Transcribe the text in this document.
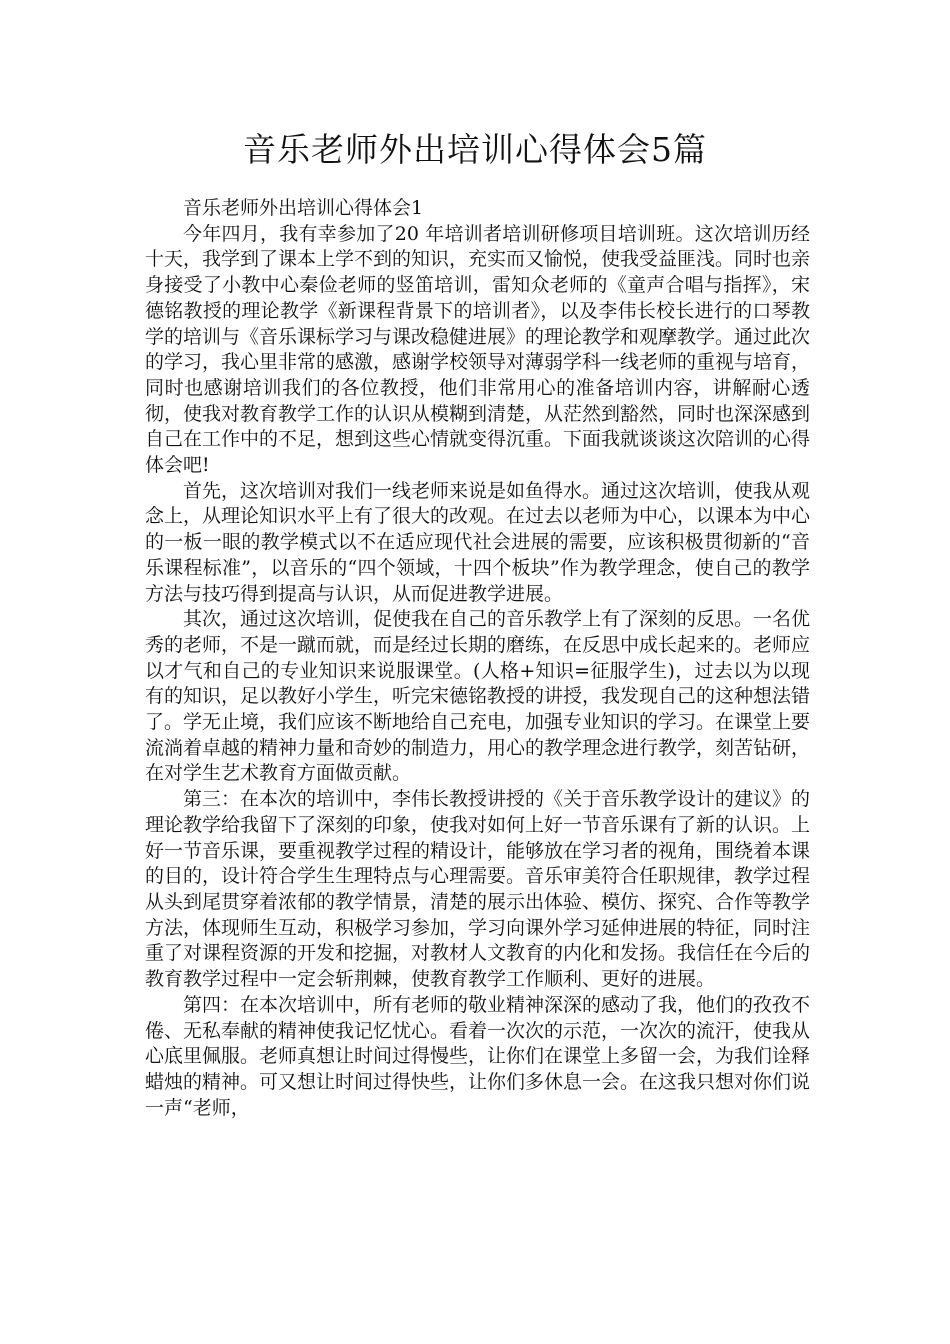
音乐老师外出培训心得体会5篇

音乐老师外出培训心得体会1

今年四月，我有幸参加了20 年培训者培训研修项目培训班。这次培训历经十天，我学到了课本上学不到的知识，充实而又愉悦，使我受益匪浅。同时也亲身接受了小教中心秦俭老师的竖笛培训，雷知众老师的《童声合唱与指挥》，宋德铭教授的理论教学《新课程背景下的培训者》，以及李伟长校长进行的口琴教学的培训与《音乐课标学习与课改稳健进展》的理论教学和观摩教学。通过此次的学习，我心里非常的感激，感谢学校领导对薄弱学科一线老师的重视与培育，同时也感谢培训我们的各位教授，他们非常用心的准备培训内容，讲解耐心透彻，使我对教育教学工作的认识从模糊到清楚，从茫然到豁然，同时也深深感到自己在工作中的不足，想到这些心情就变得沉重。下面我就谈谈这次陪训的心得体会吧!

首先，这次培训对我们一线老师来说是如鱼得水。通过这次培训，使我从观念上，从理论知识水平上有了很大的改观。在过去以老师为中心，以课本为中心的一板一眼的教学模式以不在适应现代社会进展的需要，应该积极贯彻新的“音乐课程标准”，以音乐的“四个领域，十四个板块”作为教学理念，使自己的教学方法与技巧得到提高与认识，从而促进教学进展。

其次，通过这次培训，促使我在自己的音乐教学上有了深刻的反思。一名优秀的老师，不是一蹴而就，而是经过长期的磨练，在反思中成长起来的。老师应以才气和自己的专业知识来说服课堂。(人格+知识=征服学生)，过去以为以现有的知识，足以教好小学生，听完宋德铭教授的讲授，我发现自己的这种想法错了。学无止境，我们应该不断地给自己充电，加强专业知识的学习。在课堂上要流淌着卓越的精神力量和奇妙的制造力，用心的教学理念进行教学，刻苦钻研，在对学生艺术教育方面做贡献。

第三：在本次的培训中，李伟长教授讲授的《关于音乐教学设计的建议》的理论教学给我留下了深刻的印象，使我对如何上好一节音乐课有了新的认识。上好一节音乐课，要重视教学过程的精设计，能够放在学习者的视角，围绕着本课的目的，设计符合学生生理特点与心理需要。音乐审美符合任职规律，教学过程从头到尾贯穿着浓郁的教学情景，清楚的展示出体验、模仿、探究、合作等教学方法，体现师生互动，积极学习参加，学习向课外学习延伸进展的特征，同时注重了对课程资源的开发和挖掘，对教材人文教育的内化和发扬。我信任在今后的教育教学过程中一定会斩荆棘，使教育教学工作顺利、更好的进展。

第四：在本次培训中，所有老师的敬业精神深深的感动了我，他们的孜孜不倦、无私奉献的精神使我记忆忧心。看着一次次的示范，一次次的流汗，使我从心底里佩服。老师真想让时间过得慢些，让你们在课堂上多留一会，为我们诠释蜡烛的精神。可又想让时间过得快些，让你们多休息一会。在这我只想对你们说一声“老师，
